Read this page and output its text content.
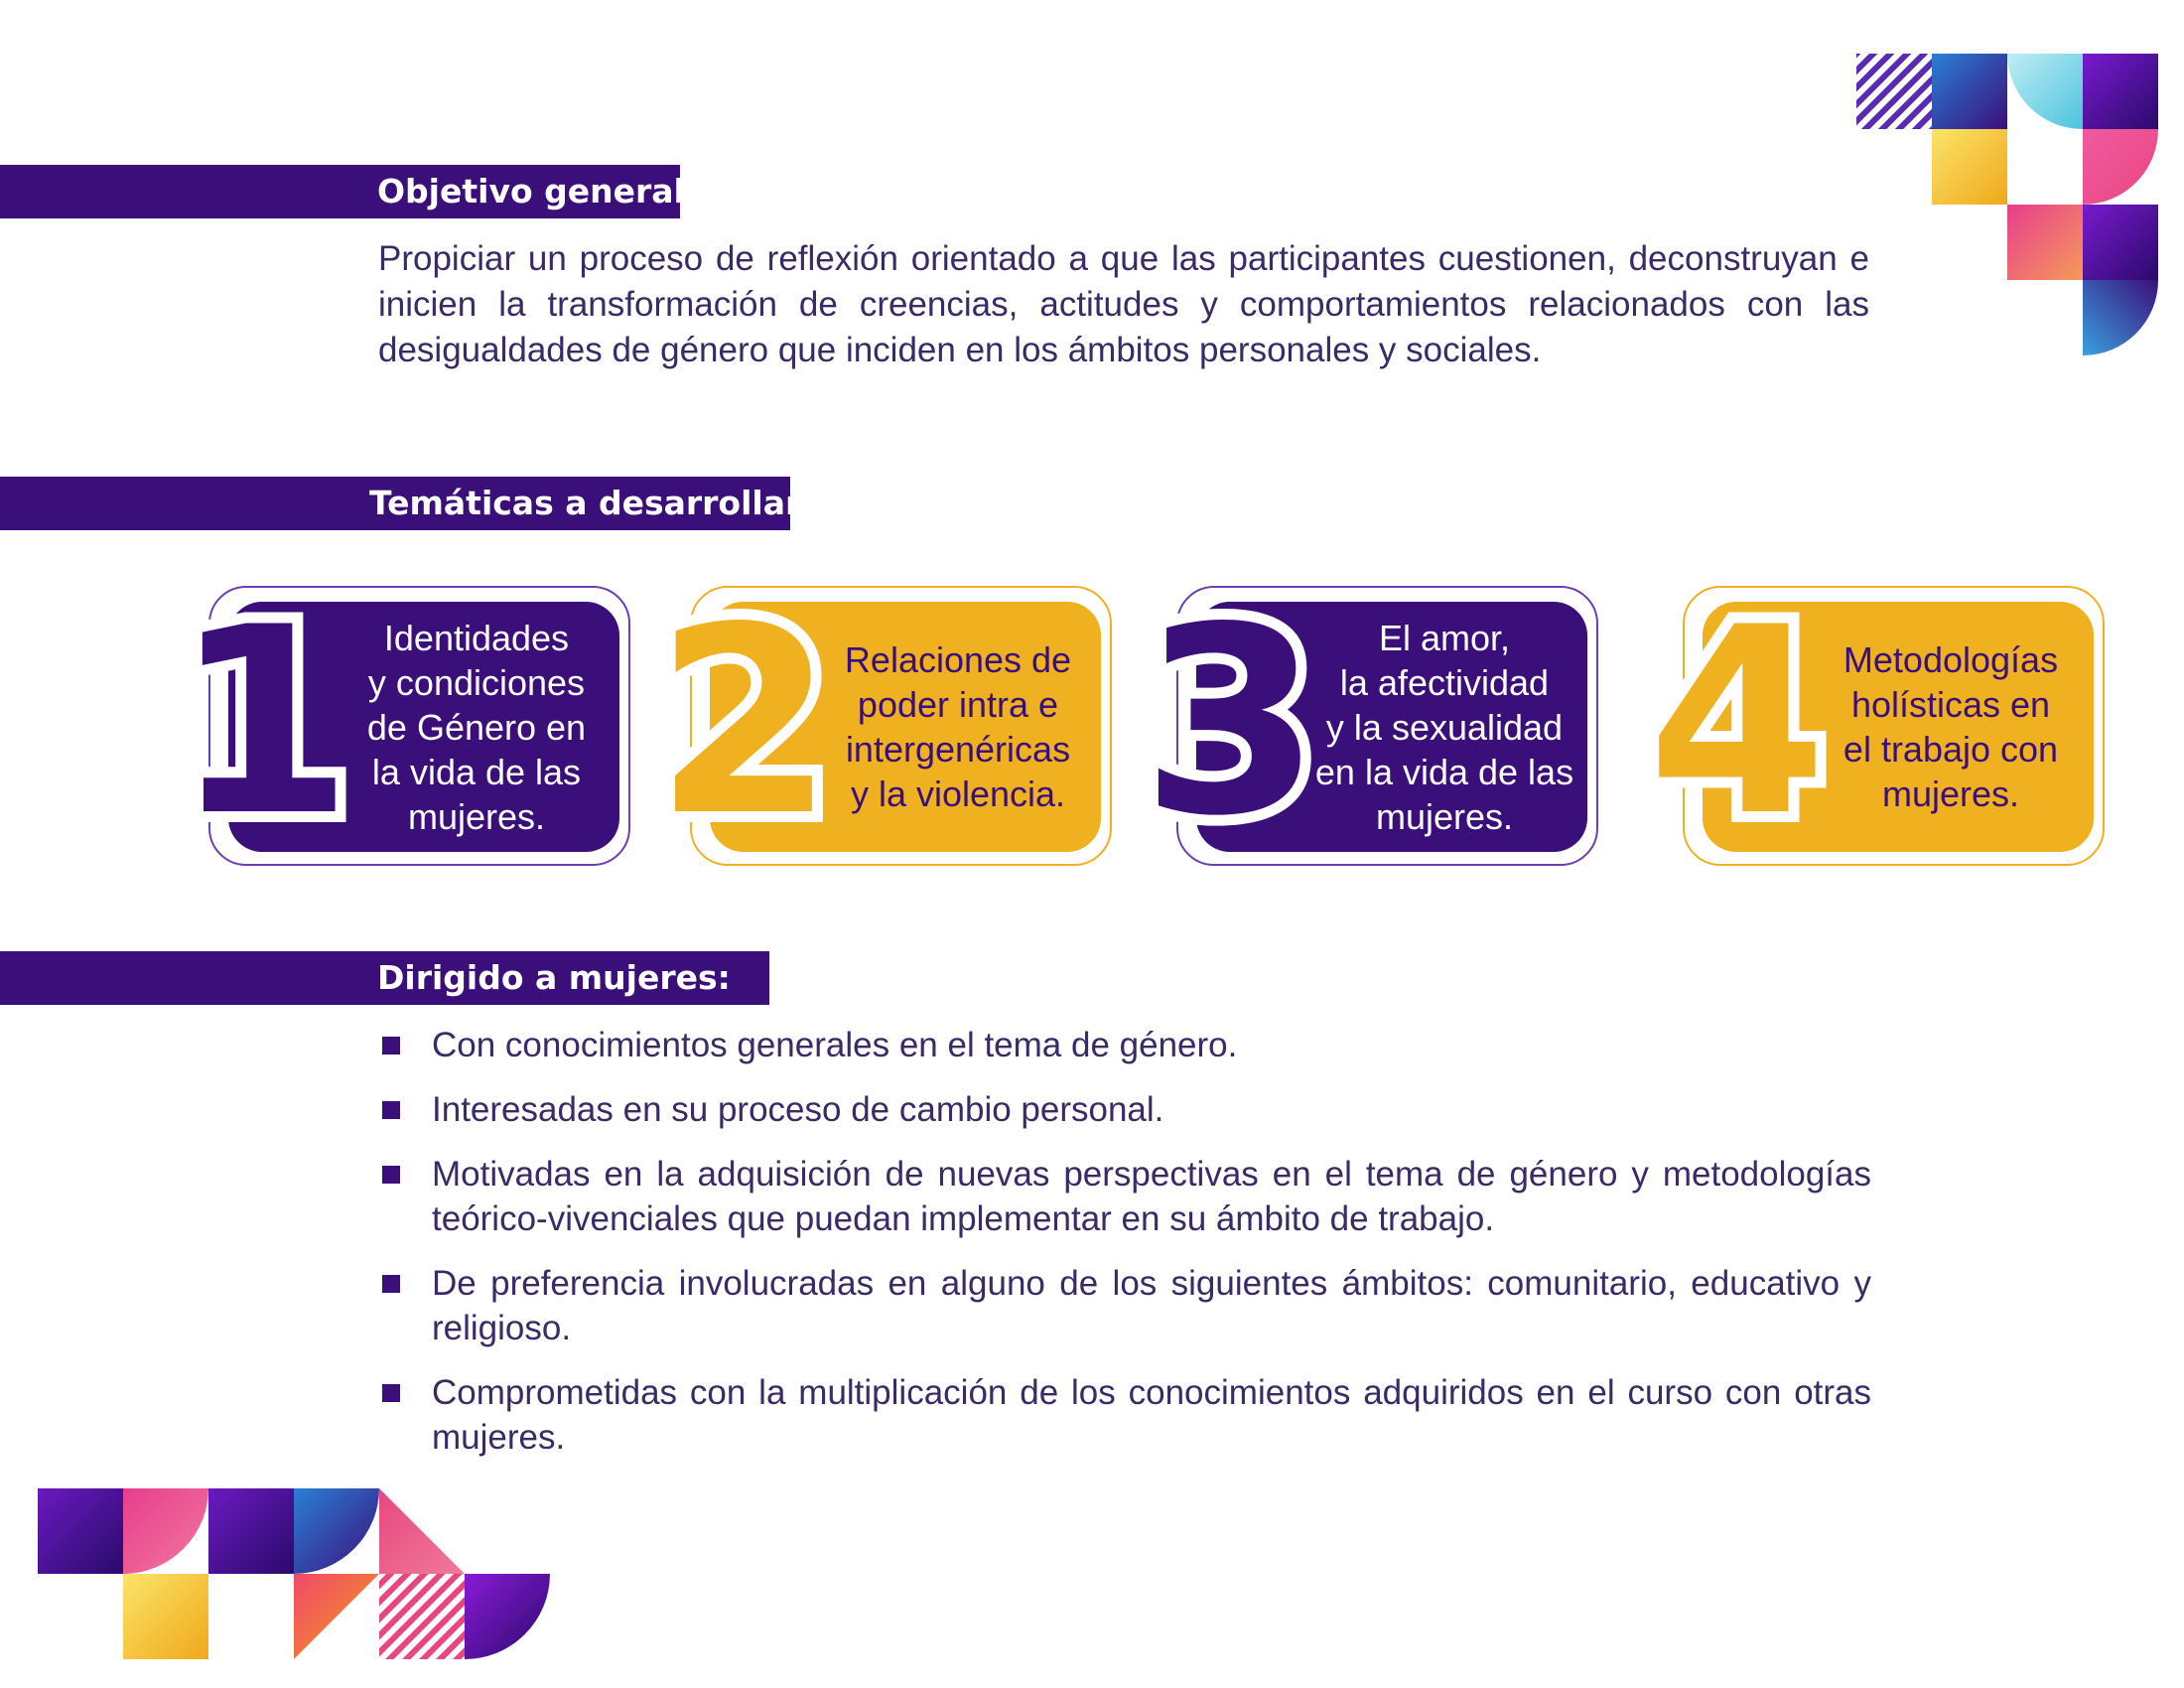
Objetivo general:
Propiciar un proceso de reflexión orientado a que las participantes cuestionen, deconstruyan e inicien la transformación de creencias, actitudes y comportamientos relacionados con las desigualdades de género que inciden en los ámbitos personales y sociales.
Temáticas a desarrollar:
1 Identidades
y condiciones
de Género en
la vida de las
mujeres. 2 Relaciones de
poder intra e
intergenéricas
y la violencia. 3	El amor,
la afectividad
y la sexualidad
en la vida de las
mujeres. 4 Metodologías
holísticas en
el trabajo con
mujeres.
Dirigido a mujeres:
Con conocimientos generales en el tema de género.
Interesadas en su proceso de cambio personal.
Motivadas en la adquisición de nuevas perspectivas en el tema de género y metodologías teórico-vivenciales que puedan implementar en su ámbito de trabajo.
De preferencia involucradas en alguno de los siguientes ámbitos: comunitario, educativo y religioso.
Comprometidas con la multiplicación de los conocimientos adquiridos en el curso con otras mujeres.
